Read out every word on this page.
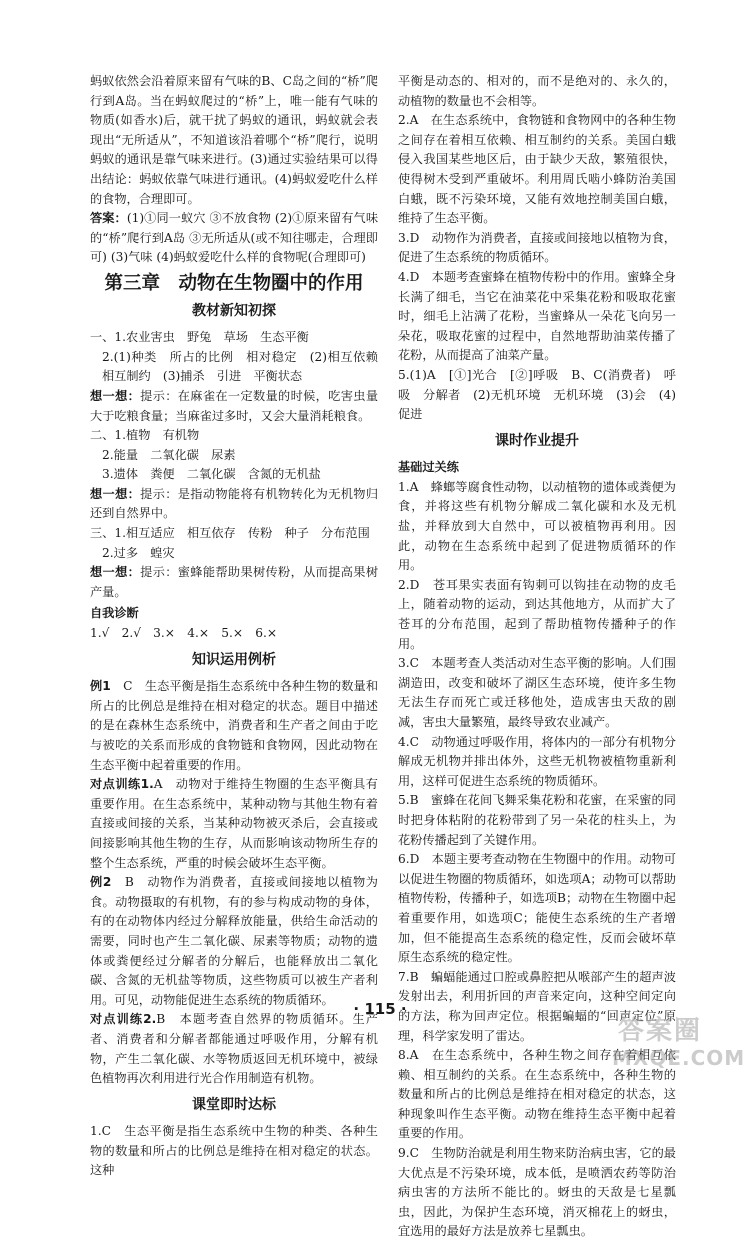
蚂蚁依然会沿着原来留有气味的B、C岛之间的“桥”爬行到A岛。当在蚂蚁爬过的“桥”上，唯一能有气味的物质(如香水)后，就干扰了蚂蚁的通讯，蚂蚁就会表现出“无所适从”，不知道该沿着哪个“桥”爬行，说明蚂蚁的通讯是靠气味来进行。(3)通过实验结果可以得出结论：蚂蚁依靠气味进行通讯。(4)蚂蚁爱吃什么样的食物，合理即可。

答案：(1)①同一蚁穴 ③不放食物 (2)①原来留有气味的“桥”爬行到A岛 ③无所适从(或不知往哪走，合理即可) (3)气味 (4)蚂蚁爱吃什么样的食物呢(合理即可)

第三章　动物在生物圈中的作用
教材新知初探

一、1.农业害虫　野兔　草场　生态平衡

2.(1)种类　所占的比例　相对稳定　(2)相互依赖　相互制约　(3)捕杀　引进　平衡状态

想一想：提示：在麻雀在一定数量的时候，吃害虫量大于吃粮食量；当麻雀过多时，又会大量消耗粮食。

二、1.植物　有机物

2.能量　二氧化碳　尿素

3.遗体　粪便　二氧化碳　含氮的无机盐

想一想：提示：是指动物能将有机物转化为无机物归还到自然界中。

三、1.相互适应　相互依存　传粉　种子　分布范围

2.过多　蝗灾

想一想：提示：蜜蜂能帮助果树传粉，从而提高果树产量。

自我诊断

1.√　2.√　3.×　4.×　5.×　6.×

知识运用例析

例1　 C　生态平衡是指生态系统中各种生物的数量和所占的比例总是维持在相对稳定的状态。题目中描述的是在森林生态系统中，消费者和生产者之间由于吃与被吃的关系而形成的食物链和食物网，因此动物在生态平衡中起着重要的作用。

对点训练1.A　动物对于维持生物圈的生态平衡具有重要作用。在生态系统中，某种动物与其他生物有着直接或间接的关系，当某种动物被灭杀后，会直接或间接影响其他生物的生存，从而影响该动物所生存的整个生态系统，严重的时候会破坏生态平衡。

例2　 B　动物作为消费者，直接或间接地以植物为食。动物摄取的有机物，有的参与构成动物的身体，有的在动物体内经过分解释放能量，供给生命活动的需要，同时也产生二氧化碳、尿素等物质；动物的遗体或粪便经过分解者的分解后，也能释放出二氧化碳、含氮的无机盐等物质，这些物质可以被生产者利用。可见，动物能促进生态系统的物质循环。

对点训练2.B　本题考查自然界的物质循环。生产者、消费者和分解者都能通过呼吸作用，分解有机物，产生二氧化碳、水等物质返回无机环境中，被绿色植物再次利用进行光合作用制造有机物。

课堂即时达标

1.C　生态平衡是指生态系统中生物的种类、各种生物的数量和所占的比例总是维持在相对稳定的状态。这种

平衡是动态的、相对的，而不是绝对的、永久的，动植物的数量也不会相等。

2.A　在生态系统中，食物链和食物网中的各种生物之间存在着相互依赖、相互制约的关系。美国白蛾侵入我国某些地区后，由于缺少天敌，繁殖很快，使得树木受到严重破坏。利用周氏啮小蜂防治美国白蛾，既不污染环境，又能有效地控制美国白蛾，维持了生态平衡。

3.D　动物作为消费者，直接或间接地以植物为食，促进了生态系统的物质循环。

4.D　本题考查蜜蜂在植物传粉中的作用。蜜蜂全身长满了细毛，当它在油菜花中采集花粉和吸取花蜜时，细毛上沾满了花粉，当蜜蜂从一朵花飞向另一朵花，吸取花蜜的过程中，自然地帮助油菜传播了花粉，从而提高了油菜产量。

5.(1)A　[①]光合　[②]呼吸　B、C(消费者)　呼吸　分解者　(2)无机环境　无机环境　(3)会　(4)促进

课时作业提升

基础过关练

1.A　蜂螂等腐食性动物，以动植物的遗体或粪便为食，并将这些有机物分解成二氧化碳和水及无机盐，并释放到大自然中，可以被植物再利用。因此，动物在生态系统中起到了促进物质循环的作用。

2.D　苍耳果实表面有钩刺可以钩挂在动物的皮毛上，随着动物的运动，到达其他地方，从而扩大了苍耳的分布范围，起到了帮助植物传播种子的作用。

3.C　本题考查人类活动对生态平衡的影响。人们围湖造田，改变和破坏了湖区生态环境，使许多生物无法生存而死亡或迁移他处，造成害虫天敌的剧减，害虫大量繁殖，最终导致农业减产。

4.C　动物通过呼吸作用，将体内的一部分有机物分解成无机物并排出体外，这些无机物被植物重新利用，这样可促进生态系统的物质循环。

5.B　蜜蜂在花间飞舞采集花粉和花蜜，在采蜜的同时把身体粘附的花粉带到了另一朵花的柱头上，为花粉传播起到了关键作用。

6.D　本题主要考查动物在生物圈中的作用。动物可以促进生物圈的物质循环，如选项A；动物可以帮助植物传粉，传播种子，如选项B；动物在生物圈中起着重要作用，如选项C；能使生态系统的生产者增加，但不能提高生态系统的稳定性，反而会破坏草原生态系统的稳定性。

7.B　蝙蝠能通过口腔或鼻腔把从喉部产生的超声波发射出去，利用折回的声音来定向，这种空间定向的方法，称为回声定位。根据蝙蝠的“回声定位”原理，科学家发明了雷达。

8.A　在生态系统中，各种生物之间存在着相互依赖、相互制约的关系。在生态系统中，各种生物的数量和所占的比例总是维持在相对稳定的状态，这种现象叫作生态平衡。动物在维持生态平衡中起着重要的作用。

9.C　生物防治就是利用生物来防治病虫害，它的最大优点是不污染环境，成本低，是喷洒农药等防治病虫害的方法所不能比的。蚜虫的天敌是七星瓢虫，因此，为保护生态环境，消灭棉花上的蚜虫，宜选用的最好方法是放养七星瓢虫。

· 115 ·
答案圈
MXQE.COM
